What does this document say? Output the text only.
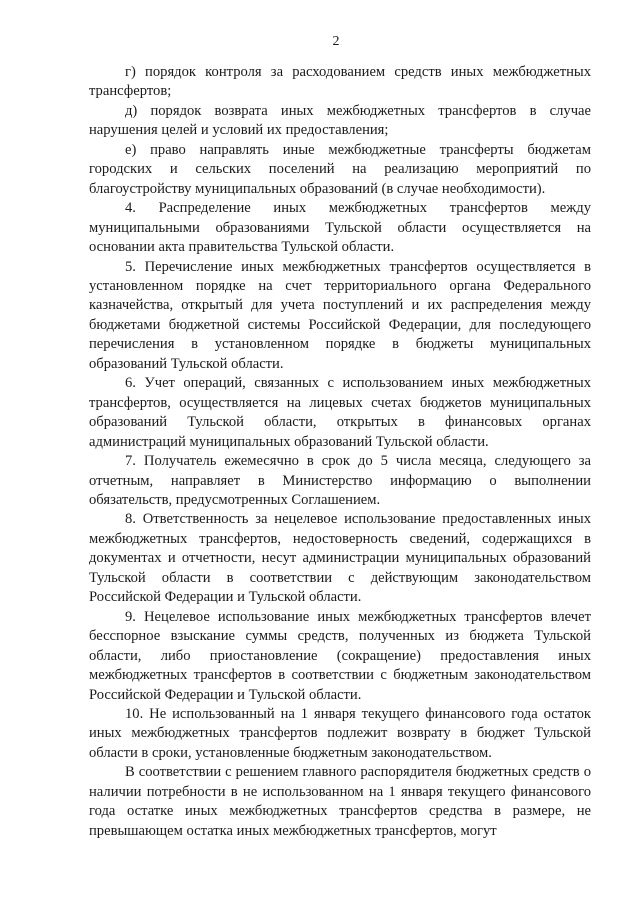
2

г) порядок контроля за расходованием средств иных межбюджетных трансфертов;

д) порядок возврата иных межбюджетных трансфертов в случае нарушения целей и условий их предоставления;

е) право направлять иные межбюджетные трансферты бюджетам городских и сельских поселений на реализацию мероприятий по благоустройству муниципальных образований (в случае необходимости).

4. Распределение иных межбюджетных трансфертов между муниципальными образованиями Тульской области осуществляется на основании акта правительства Тульской области.

5. Перечисление иных межбюджетных трансфертов осуществляется в установленном порядке на счет территориального органа Федерального казначейства, открытый для учета поступлений и их распределения между бюджетами бюджетной системы Российской Федерации, для последующего перечисления в установленном порядке в бюджеты муниципальных образований Тульской области.

6. Учет операций, связанных с использованием иных межбюджетных трансфертов, осуществляется на лицевых счетах бюджетов муниципальных образований Тульской области, открытых в финансовых органах администраций муниципальных образований Тульской области.

7. Получатель ежемесячно в срок до 5 числа месяца, следующего за отчетным, направляет в Министерство информацию о выполнении обязательств, предусмотренных Соглашением.

8. Ответственность за нецелевое использование предоставленных иных межбюджетных трансфертов, недостоверность сведений, содержащихся в документах и отчетности, несут администрации муниципальных образований Тульской области в соответствии с действующим законодательством Российской Федерации и Тульской области.

9. Нецелевое использование иных межбюджетных трансфертов влечет бесспорное взыскание суммы средств, полученных из бюджета Тульской области, либо приостановление (сокращение) предоставления иных межбюджетных трансфертов в соответствии с бюджетным законодательством Российской Федерации и Тульской области.

10. Не использованный на 1 января текущего финансового года остаток иных межбюджетных трансфертов подлежит возврату в бюджет Тульской области в сроки, установленные бюджетным законодательством.

В соответствии с решением главного распорядителя бюджетных средств о наличии потребности в не использованном на 1 января текущего финансового года остатке иных межбюджетных трансфертов средства в размере, не превышающем остатка иных межбюджетных трансфертов, могут
